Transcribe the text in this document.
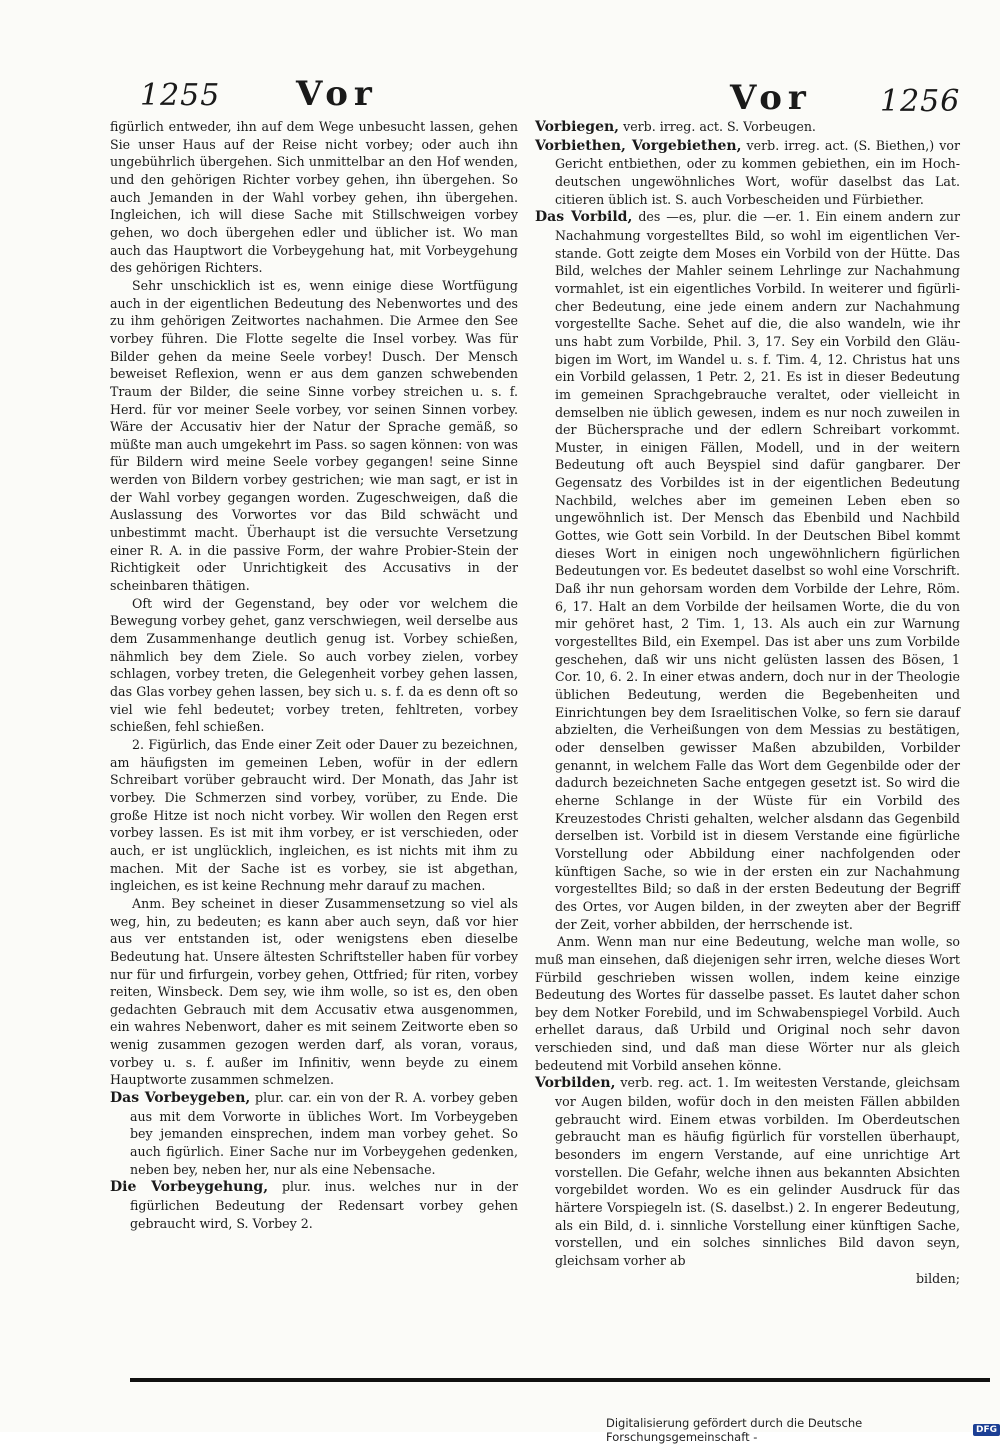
1255 Vor	Vor 1256

figürlich entweder, ihn auf dem Wege unbesucht lassen, gehen Sie unser Haus auf der Reise nicht vorbey; oder auch ihn ungebührlich übergehen. Sich unmittelbar an den Hof wenden, und den gehörigen Richter vorbey gehen, ihn übergehen. So auch Jemanden in der Wahl vorbey gehen, ihn übergehen. Ingleichen, ich will diese Sache mit Stillschweigen vorbey gehen, wo doch übergehen edler und üblicher ist. Wo man auch das Hauptwort die Vorbeygehung hat, mit Vorbeygehung des gehörigen Richters.

Sehr unschicklich ist es, wenn einige diese Wortfügung auch in der eigentlichen Bedeutung des Nebenwortes und des zu ihm gehörigen Zeitwortes nachahmen. Die Armee den See vorbey führen. Die Flotte segelte die Insel vorbey. Was für Bilder gehen da meine Seele vorbey! Dusch. Der Mensch beweiset Reflexion, wenn er aus dem ganzen schwebenden Traum der Bilder, die seine Sinne vorbey streichen u. s. f. Herd. für vor meiner Seele vorbey, vor seinen Sinnen vorbey. Wäre der Accusativ hier der Natur der Sprache gemäß, so müßte man auch umgekehrt im Pass. so sagen können: von was für Bildern wird meine Seele vorbey gegangen! seine Sinne werden von Bildern vorbey gestrichen; wie man sagt, er ist in der Wahl vorbey gegangen worden. Zugeschweigen, daß die Auslassung des Vorwortes vor das Bild schwächt und unbestimmt macht. Überhaupt ist die versuchte Versetzung einer R. A. in die passive Form, der wahre Probier-Stein der Richtigkeit oder Unrichtigkeit des Accusativs in der scheinbaren thätigen.

Oft wird der Gegenstand, bey oder vor welchem die Bewegung vorbey gehet, ganz verschwiegen, weil derselbe aus dem Zusammenhange deutlich genug ist. Vorbey schießen, nähmlich bey dem Ziele. So auch vorbey zielen, vorbey schlagen, vorbey treten, die Gelegenheit vorbey gehen lassen, das Glas vorbey gehen lassen, bey sich u. s. f. da es denn oft so viel wie fehl bedeutet; vorbey treten, fehltreten, vorbey schießen, fehl schießen.

2. Figürlich, das Ende einer Zeit oder Dauer zu bezeichnen, am häufigsten im gemeinen Leben, wofür in der edlern Schreibart vorüber gebraucht wird. Der Monath, das Jahr ist vorbey. Die Schmerzen sind vorbey, vorüber, zu Ende. Die große Hitze ist noch nicht vorbey. Wir wollen den Regen erst vorbey lassen. Es ist mit ihm vorbey, er ist verschieden, oder auch, er ist unglücklich, ingleichen, es ist nichts mit ihm zu machen. Mit der Sache ist es vorbey, sie ist abgethan, ingleichen, es ist keine Rechnung mehr darauf zu machen.

Anm. Bey scheinet in dieser Zusammensetzung so viel als weg, hin, zu bedeuten; es kann aber auch seyn, daß vor hier aus ver entstanden ist, oder wenigstens eben dieselbe Bedeutung hat. Unsere ältesten Schriftsteller haben für vorbey nur für und firfurgein, vorbey gehen, Ottfried; für riten, vorbey reiten, Winsbeck. Dem sey, wie ihm wolle, so ist es, den oben gedachten Gebrauch mit dem Accusativ etwa ausgenommen, ein wahres Nebenwort, daher es mit seinem Zeitworte eben so wenig zusammen gezogen werden darf, als voran, voraus, vorbey u. s. f. außer im Infinitiv, wenn beyde zu einem Hauptworte zusammen schmelzen.

Das Vorbeygeben, plur. car. ein von der R. A. vorbey geben aus mit dem Vorworte in übliches Wort. Im Vorbeygeben bey jemanden einsprechen, indem man vorbey gehet. So auch figürlich. Einer Sache nur im Vorbeygehen gedenken, neben bey, neben her, nur als eine Nebensache.

Die Vorbeygehung, plur. inus. welches nur in der figürlichen Bedeutung der Redensart vorbey gehen gebraucht wird, S. Vorbey 2.

Vorbiegen, verb. irreg. act. S. Vorbeugen.

Vorbiethen, Vorgebiethen, verb. irreg. act. (S. Biethen,) vor Gericht entbiethen, oder zu kommen gebiethen, ein im Hochdeutschen ungewöhnliches Wort, wofür daselbst das Lat. citieren üblich ist. S. auch Vorbescheiden und Fürbiether.

Das Vorbild, des —es, plur. die —er. 1. Ein einem andern zur Nachahmung vorgestelltes Bild, so wohl im eigentlichen Verstande. Gott zeigte dem Moses ein Vorbild von der Hütte. Das Bild, welches der Mahler seinem Lehrlinge zur Nachahmung vormahlet, ist ein eigentliches Vorbild. In weiterer und figürlicher Bedeutung, eine jede einem andern zur Nachahmung vorgestellte Sache. Sehet auf die, die also wandeln, wie ihr uns habt zum Vorbilde, Phil. 3, 17. Sey ein Vorbild den Gläubigen im Wort, im Wandel u. s. f. Tim. 4, 12. Christus hat uns ein Vorbild gelassen, 1 Petr. 2, 21. Es ist in dieser Bedeutung im gemeinen Sprachgebrauche veraltet, oder vielleicht in demselben nie üblich gewesen, indem es nur noch zuweilen in der Büchersprache und der edlern Schreibart vorkommt. Muster, in einigen Fällen, Modell, und in der weitern Bedeutung oft auch Beyspiel sind dafür gangbarer. Der Gegensatz des Vorbildes ist in der eigentlichen Bedeutung Nachbild, welches aber im gemeinen Leben eben so ungewöhnlich ist. Der Mensch das Ebenbild und Nachbild Gottes, wie Gott sein Vorbild. In der Deutschen Bibel kommt dieses Wort in einigen noch ungewöhnlichern figürlichen Bedeutungen vor. Es bedeutet daselbst so wohl eine Vorschrift. Daß ihr nun gehorsam worden dem Vorbilde der Lehre, Röm. 6, 17. Halt an dem Vorbilde der heilsamen Worte, die du von mir gehöret hast, 2 Tim. 1, 13. Als auch ein zur Warnung vorgestelltes Bild, ein Exempel. Das ist aber uns zum Vorbilde geschehen, daß wir uns nicht gelüsten lassen des Bösen, 1 Cor. 10, 6. 2. In einer etwas andern, doch nur in der Theologie üblichen Bedeutung, werden die Begebenheiten und Einrichtungen bey dem Israelitischen Volke, so fern sie darauf abzielten, die Verheißungen von dem Messias zu bestätigen, oder denselben gewisser Maßen abzubilden, Vorbilder genannt, in welchem Falle das Wort dem Gegenbilde oder der dadurch bezeichneten Sache entgegen gesetzt ist. So wird die eherne Schlange in der Wüste für ein Vorbild des Kreuzestodes Christi gehalten, welcher alsdann das Gegenbild derselben ist. Vorbild ist in diesem Verstande eine figürliche Vorstellung oder Abbildung einer nachfolgenden oder künftigen Sache, so wie in der ersten ein zur Nachahmung vorgestelltes Bild; so daß in der ersten Bedeutung der Begriff des Ortes, vor Augen bilden, in der zweyten aber der Begriff der Zeit, vorher abbilden, der herrschende ist.

Anm. Wenn man nur eine Bedeutung, welche man wolle, so muß man einsehen, daß diejenigen sehr irren, welche dieses Wort Fürbild geschrieben wissen wollen, indem keine einzige Bedeutung des Wortes für dasselbe passet. Es lautet daher schon bey dem Notker Forebild, und im Schwabenspiegel Vorbild. Auch erhellet daraus, daß Urbild und Original noch sehr davon verschieden sind, und daß man diese Wörter nur als gleich bedeutend mit Vorbild ansehen könne.

Vorbilden, verb. reg. act. 1. Im weitesten Verstande, gleichsam vor Augen bilden, wofür doch in den meisten Fällen abbilden gebraucht wird. Einem etwas vorbilden. Im Oberdeutschen gebraucht man es häufig figürlich für vorstellen überhaupt, besonders im engern Verstande, auf eine unrichtige Art vorstellen. Die Gefahr, welche ihnen aus bekannten Absichten vorgebildet worden. Wo es ein gelinder Ausdruck für das härtere Vorspiegeln ist. (S. daselbst.) 2. In engerer Bedeutung, als ein Bild, d. i. sinnliche Vorstellung einer künftigen Sache, vorstellen, und ein solches sinnliches Bild davon seyn, gleichsam vorher ab

bilden;

Digitalisierung gefördert durch die Deutsche Forschungsgemeinschaft -	DFG
